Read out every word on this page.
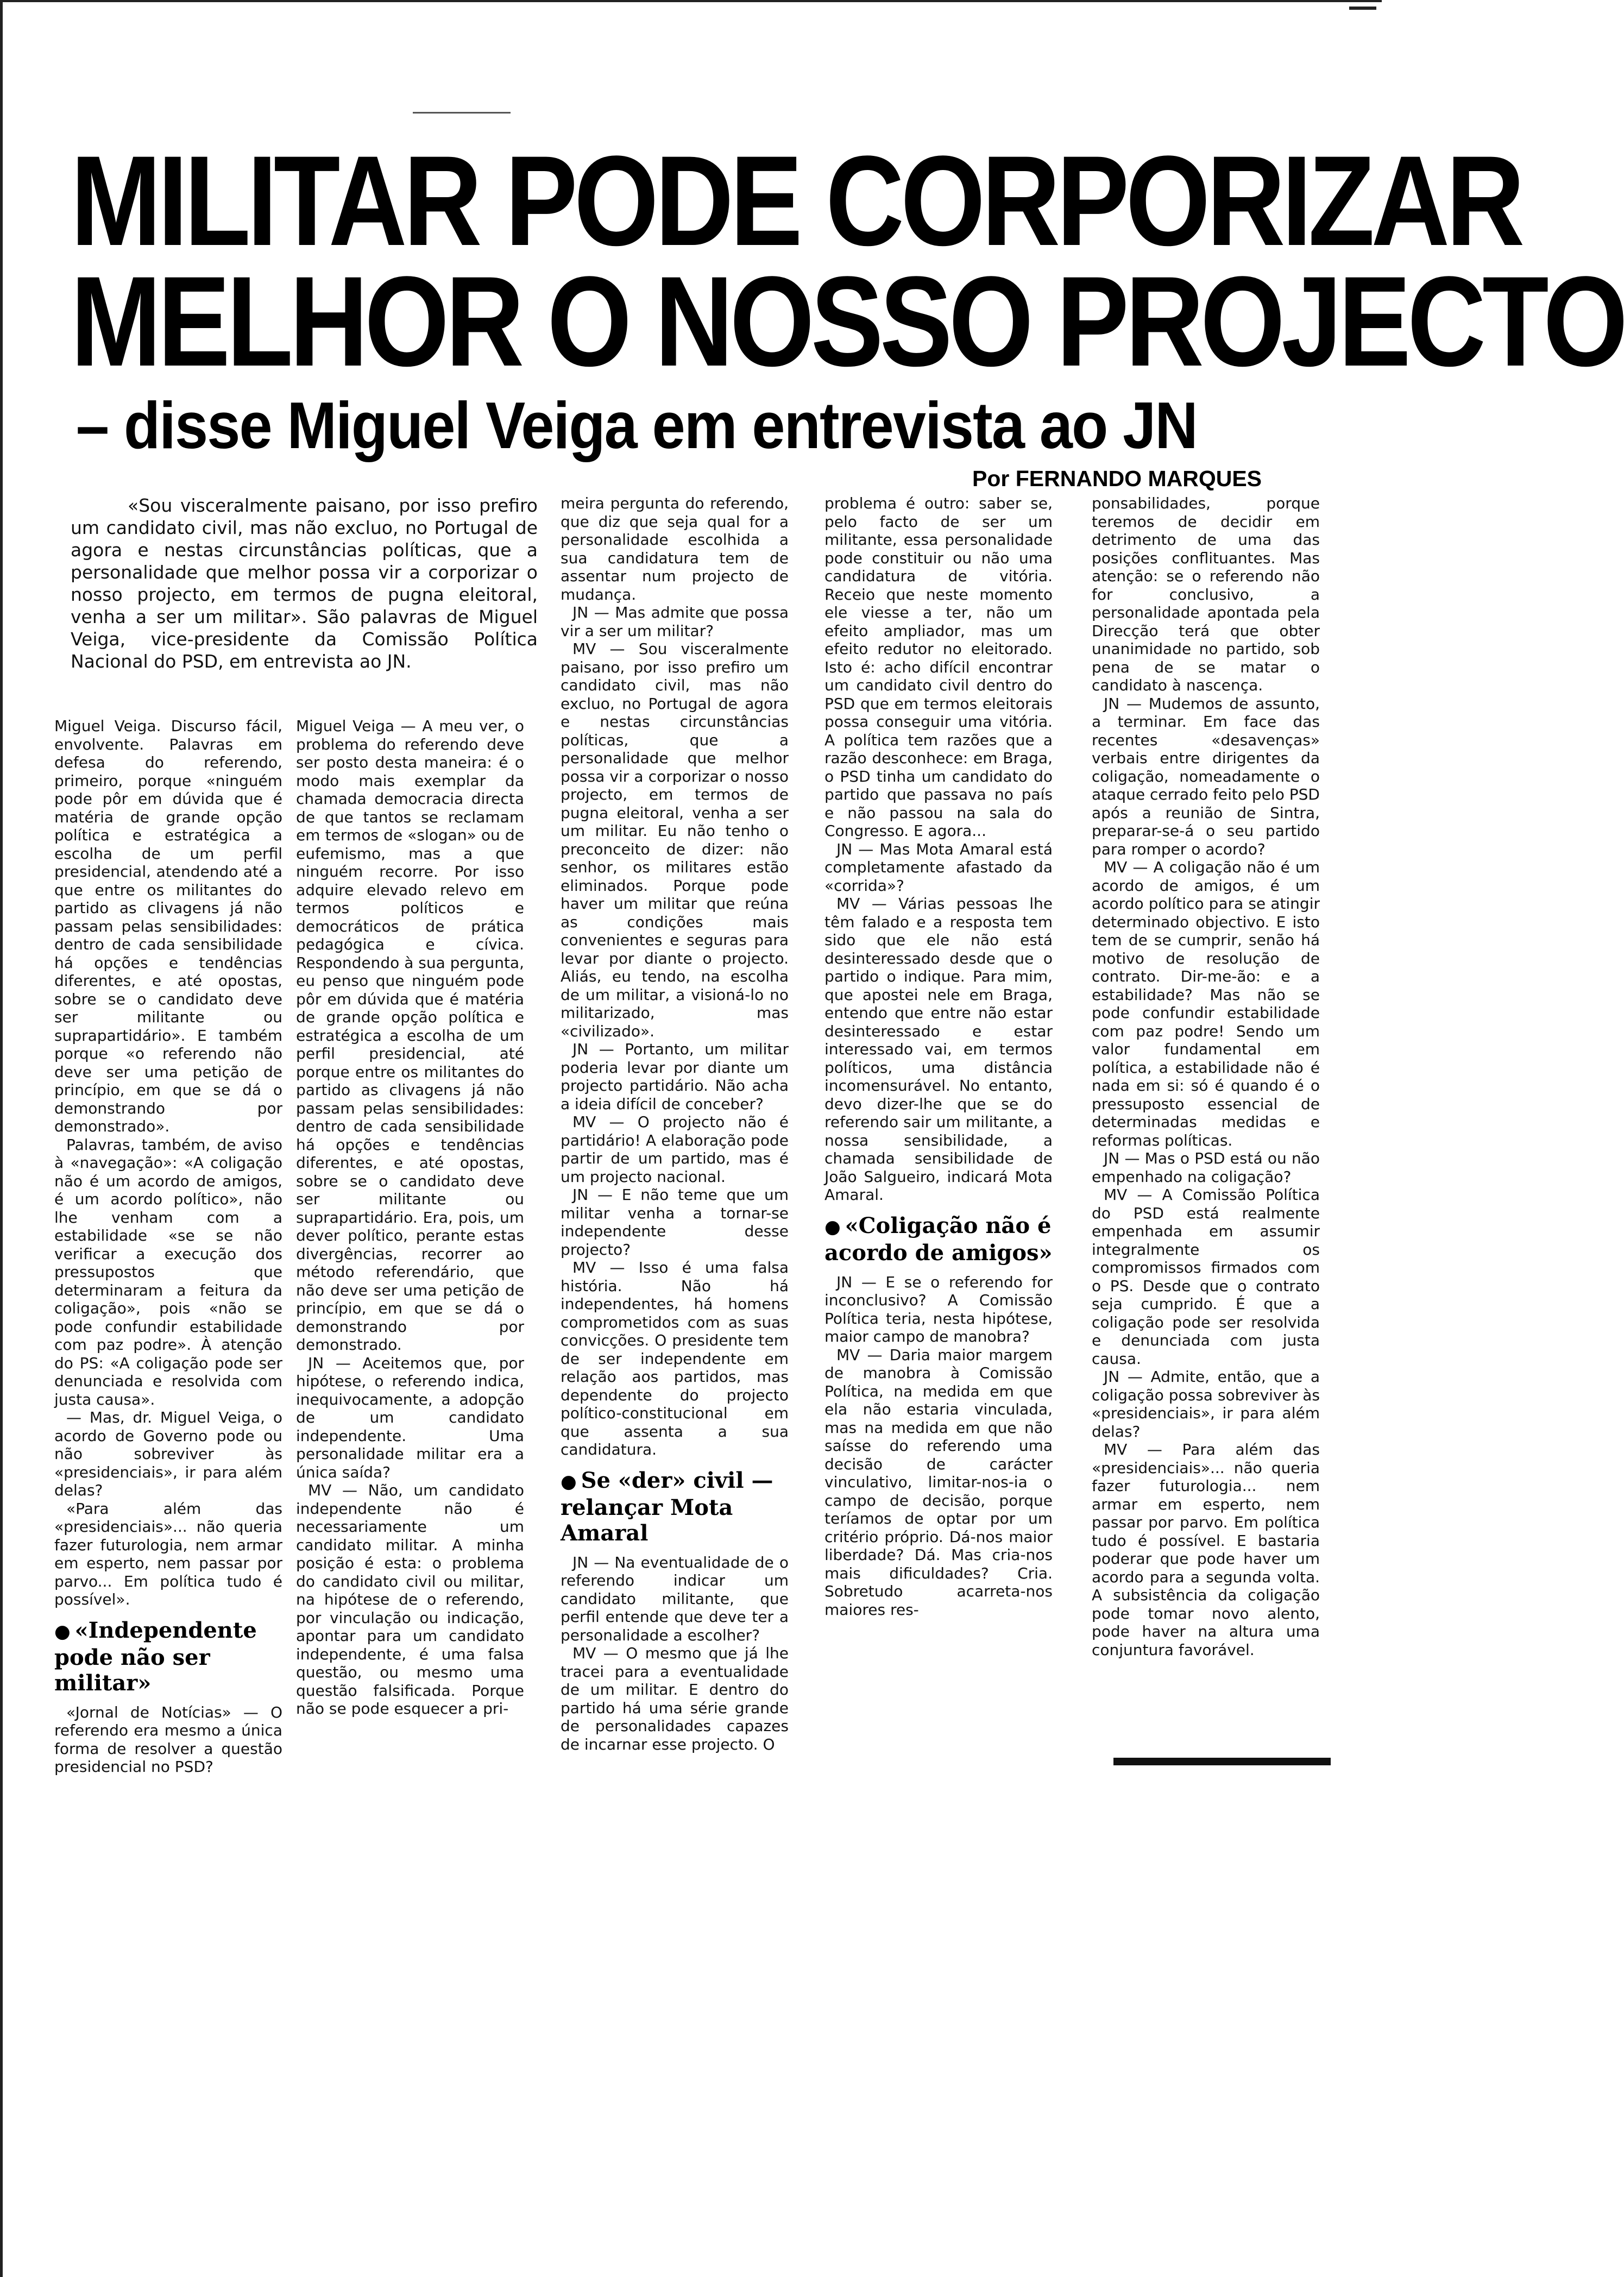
MILITAR PODE CORPORIZAR
MELHOR O NOSSO PROJECTO
– disse Miguel Veiga em entrevista ao JN
Por FERNANDO MARQUES

«Sou visceralmente paisano, por isso prefiro um candidato civil, mas não excluo, no Portugal de agora e nestas circunstâncias políticas, que a personalidade que melhor possa vir a corporizar o nosso projecto, em termos de pugna eleitoral, venha a ser um militar». São palavras de Miguel Veiga, vice-presidente da Comissão Política Nacional do PSD, em entrevista ao JN.

Miguel Veiga. Discurso fácil, envolvente. Palavras em defesa do referendo, primeiro, porque «ninguém pode pôr em dúvida que é matéria de grande opção política e estratégica a escolha de um perfil presidencial, atendendo até a que entre os militantes do partido as clivagens já não passam pelas sensibilidades: dentro de cada sensibilidade há opções e tendências diferentes, e até opostas, sobre se o candidato deve ser militante ou suprapartidário». E também porque «o referendo não deve ser uma petição de princípio, em que se dá o demonstrando por demonstrado».

Palavras, também, de aviso à «navegação»: «A coligação não é um acordo de amigos, é um acordo político», não lhe venham com a estabilidade «se se não verificar a execução dos pressupostos que determinaram a feitura da coligação», pois «não se pode confundir estabilidade com paz podre». À atenção do PS: «A coligação pode ser denunciada e resolvida com justa causa».

— Mas, dr. Miguel Veiga, o acordo de Governo pode ou não sobreviver às «presidenciais», ir para além delas?

«Para além das «presidenciais»... não queria fazer futurologia, nem armar em esperto, nem passar por parvo... Em política tudo é possível».

● «Independente pode não ser militar»

«Jornal de Notícias» — O referendo era mesmo a única forma de resolver a questão presidencial no PSD?

Miguel Veiga — A meu ver, o problema do referendo deve ser posto desta maneira: é o modo mais exemplar da chamada democracia directa de que tantos se reclamam em termos de «slogan» ou de eufemismo, mas a que ninguém recorre. Por isso adquire elevado relevo em termos políticos e democráticos de prática pedagógica e cívica. Respondendo à sua pergunta, eu penso que ninguém pode pôr em dúvida que é matéria de grande opção política e estratégica a escolha de um perfil presidencial, até porque entre os militantes do partido as clivagens já não passam pelas sensibilidades: dentro de cada sensibilidade há opções e tendências diferentes, e até opostas, sobre se o candidato deve ser militante ou suprapartidário. Era, pois, um dever político, perante estas divergências, recorrer ao método referendário, que não deve ser uma petição de princípio, em que se dá o demonstrando por demonstrado.

JN — Aceitemos que, por hipótese, o referendo indica, inequivocamente, a adopção de um candidato independente. Uma personalidade militar era a única saída?

MV — Não, um candidato independente não é necessariamente um candidato militar. A minha posição é esta: o problema do candidato civil ou militar, na hipótese de o referendo, por vinculação ou indicação, apontar para um candidato independente, é uma falsa questão, ou mesmo uma questão falsificada. Porque não se pode esquecer a pri-

meira pergunta do referendo, que diz que seja qual for a personalidade escolhida a sua candidatura tem de assentar num projecto de mudança.

JN — Mas admite que possa vir a ser um militar?

MV — Sou visceralmente paisano, por isso prefiro um candidato civil, mas não excluo, no Portugal de agora e nestas circunstâncias políticas, que a personalidade que melhor possa vir a corporizar o nosso projecto, em termos de pugna eleitoral, venha a ser um militar. Eu não tenho o preconceito de dizer: não senhor, os militares estão eliminados. Porque pode haver um militar que reúna as condições mais convenientes e seguras para levar por diante o projecto. Aliás, eu tendo, na escolha de um militar, a visioná-lo no militarizado, mas «civilizado».

JN — Portanto, um militar poderia levar por diante um projecto partidário. Não acha a ideia difícil de conceber?

MV — O projecto não é partidário! A elaboração pode partir de um partido, mas é um projecto nacional.

JN — E não teme que um militar venha a tornar-se independente desse projecto?

MV — Isso é uma falsa história. Não há independentes, há homens comprometidos com as suas convicções. O presidente tem de ser independente em relação aos partidos, mas dependente do projecto político-constitucional em que assenta a sua candidatura.

● Se «der» civil — relançar Mota Amaral

JN — Na eventualidade de o referendo indicar um candidato militante, que perfil entende que deve ter a personalidade a escolher?

MV — O mesmo que já lhe tracei para a eventualidade de um militar. E dentro do partido há uma série grande de personalidades capazes de incarnar esse projecto. O

problema é outro: saber se, pelo facto de ser um militante, essa personalidade pode constituir ou não uma candidatura de vitória. Receio que neste momento ele viesse a ter, não um efeito ampliador, mas um efeito redutor no eleitorado. Isto é: acho difícil encontrar um candidato civil dentro do PSD que em termos eleitorais possa conseguir uma vitória. A política tem razões que a razão desconhece: em Braga, o PSD tinha um candidato do partido que passava no país e não passou na sala do Congresso. E agora...

JN — Mas Mota Amaral está completamente afastado da «corrida»?

MV — Várias pessoas lhe têm falado e a resposta tem sido que ele não está desinteressado desde que o partido o indique. Para mim, que apostei nele em Braga, entendo que entre não estar desinteressado e estar interessado vai, em termos políticos, uma distância incomensurável. No entanto, devo dizer-lhe que se do referendo sair um militante, a nossa sensibilidade, a chamada sensibilidade de João Salgueiro, indicará Mota Amaral.

● «Coligação não é acordo de amigos»

JN — E se o referendo for inconclusivo? A Comissão Política teria, nesta hipótese, maior campo de manobra?

MV — Daria maior margem de manobra à Comissão Política, na medida em que ela não estaria vinculada, mas na medida em que não saísse do referendo uma decisão de carácter vinculativo, limitar-nos-ia o campo de decisão, porque teríamos de optar por um critério próprio. Dá-nos maior liberdade? Dá. Mas cria-nos mais dificuldades? Cria. Sobretudo acarreta-nos maiores res-

ponsabilidades, porque teremos de decidir em detrimento de uma das posições conflituantes. Mas atenção: se o referendo não for conclusivo, a personalidade apontada pela Direcção terá que obter unanimidade no partido, sob pena de se matar o candidato à nascença.

JN — Mudemos de assunto, a terminar. Em face das recentes «desavenças» verbais entre dirigentes da coligação, nomeadamente o ataque cerrado feito pelo PSD após a reunião de Sintra, preparar-se-á o seu partido para romper o acordo?

MV — A coligação não é um acordo de amigos, é um acordo político para se atingir determinado objectivo. E isto tem de se cumprir, senão há motivo de resolução de contrato. Dir-me-ão: e a estabilidade? Mas não se pode confundir estabilidade com paz podre! Sendo um valor fundamental em política, a estabilidade não é nada em si: só é quando é o pressuposto essencial de determinadas medidas e reformas políticas.

JN — Mas o PSD está ou não empenhado na coligação?

MV — A Comissão Política do PSD está realmente empenhada em assumir integralmente os compromissos firmados com o PS. Desde que o contrato seja cumprido. É que a coligação pode ser resolvida e denunciada com justa causa.

JN — Admite, então, que a coligação possa sobreviver às «presidenciais», ir para além delas?

MV — Para além das «presidenciais»... não queria fazer futurologia... nem armar em esperto, nem passar por parvo. Em política tudo é possível. E bastaria poderar que pode haver um acordo para a segunda volta. A subsistência da coligação pode tomar novo alento, pode haver na altura uma conjuntura favorável.
